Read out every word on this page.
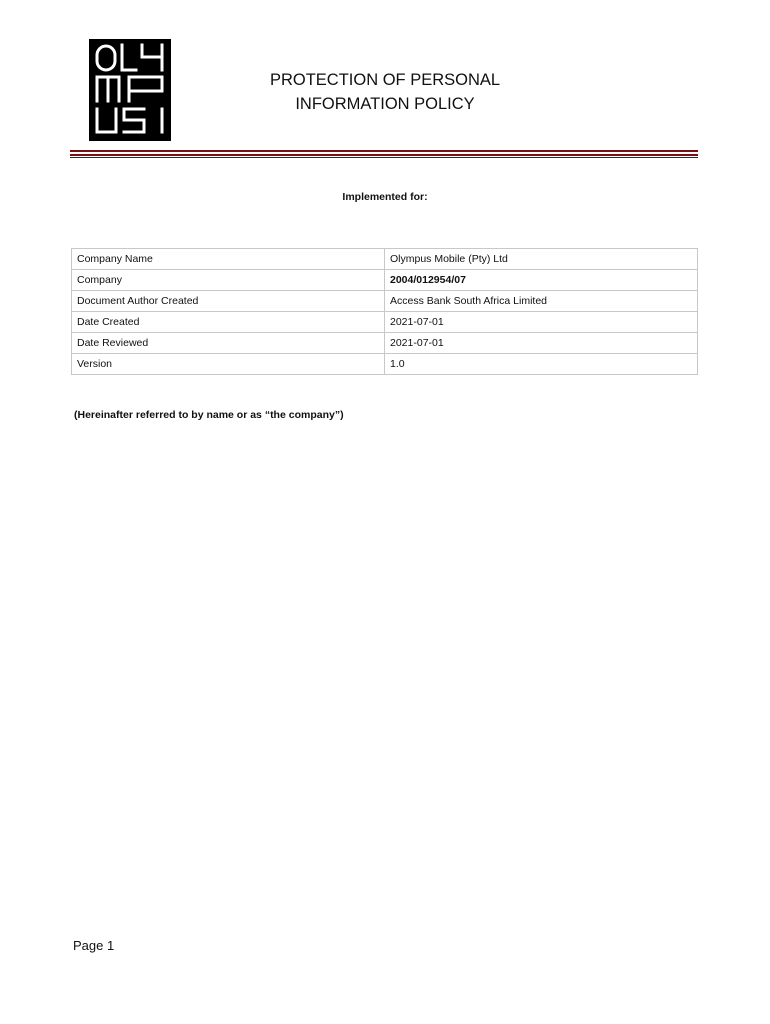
PROTECTION OF PERSONAL
INFORMATION POLICY
Implemented for:
Company Name	Olympus Mobile (Pty) Ltd
Company	2004/012954/07
Document Author Created	Access Bank South Africa Limited
Date Created	2021-07-01
Date Reviewed	2021-07-01
Version	1.0
(Hereinafter referred to by name or as “the company”)
Page 1
